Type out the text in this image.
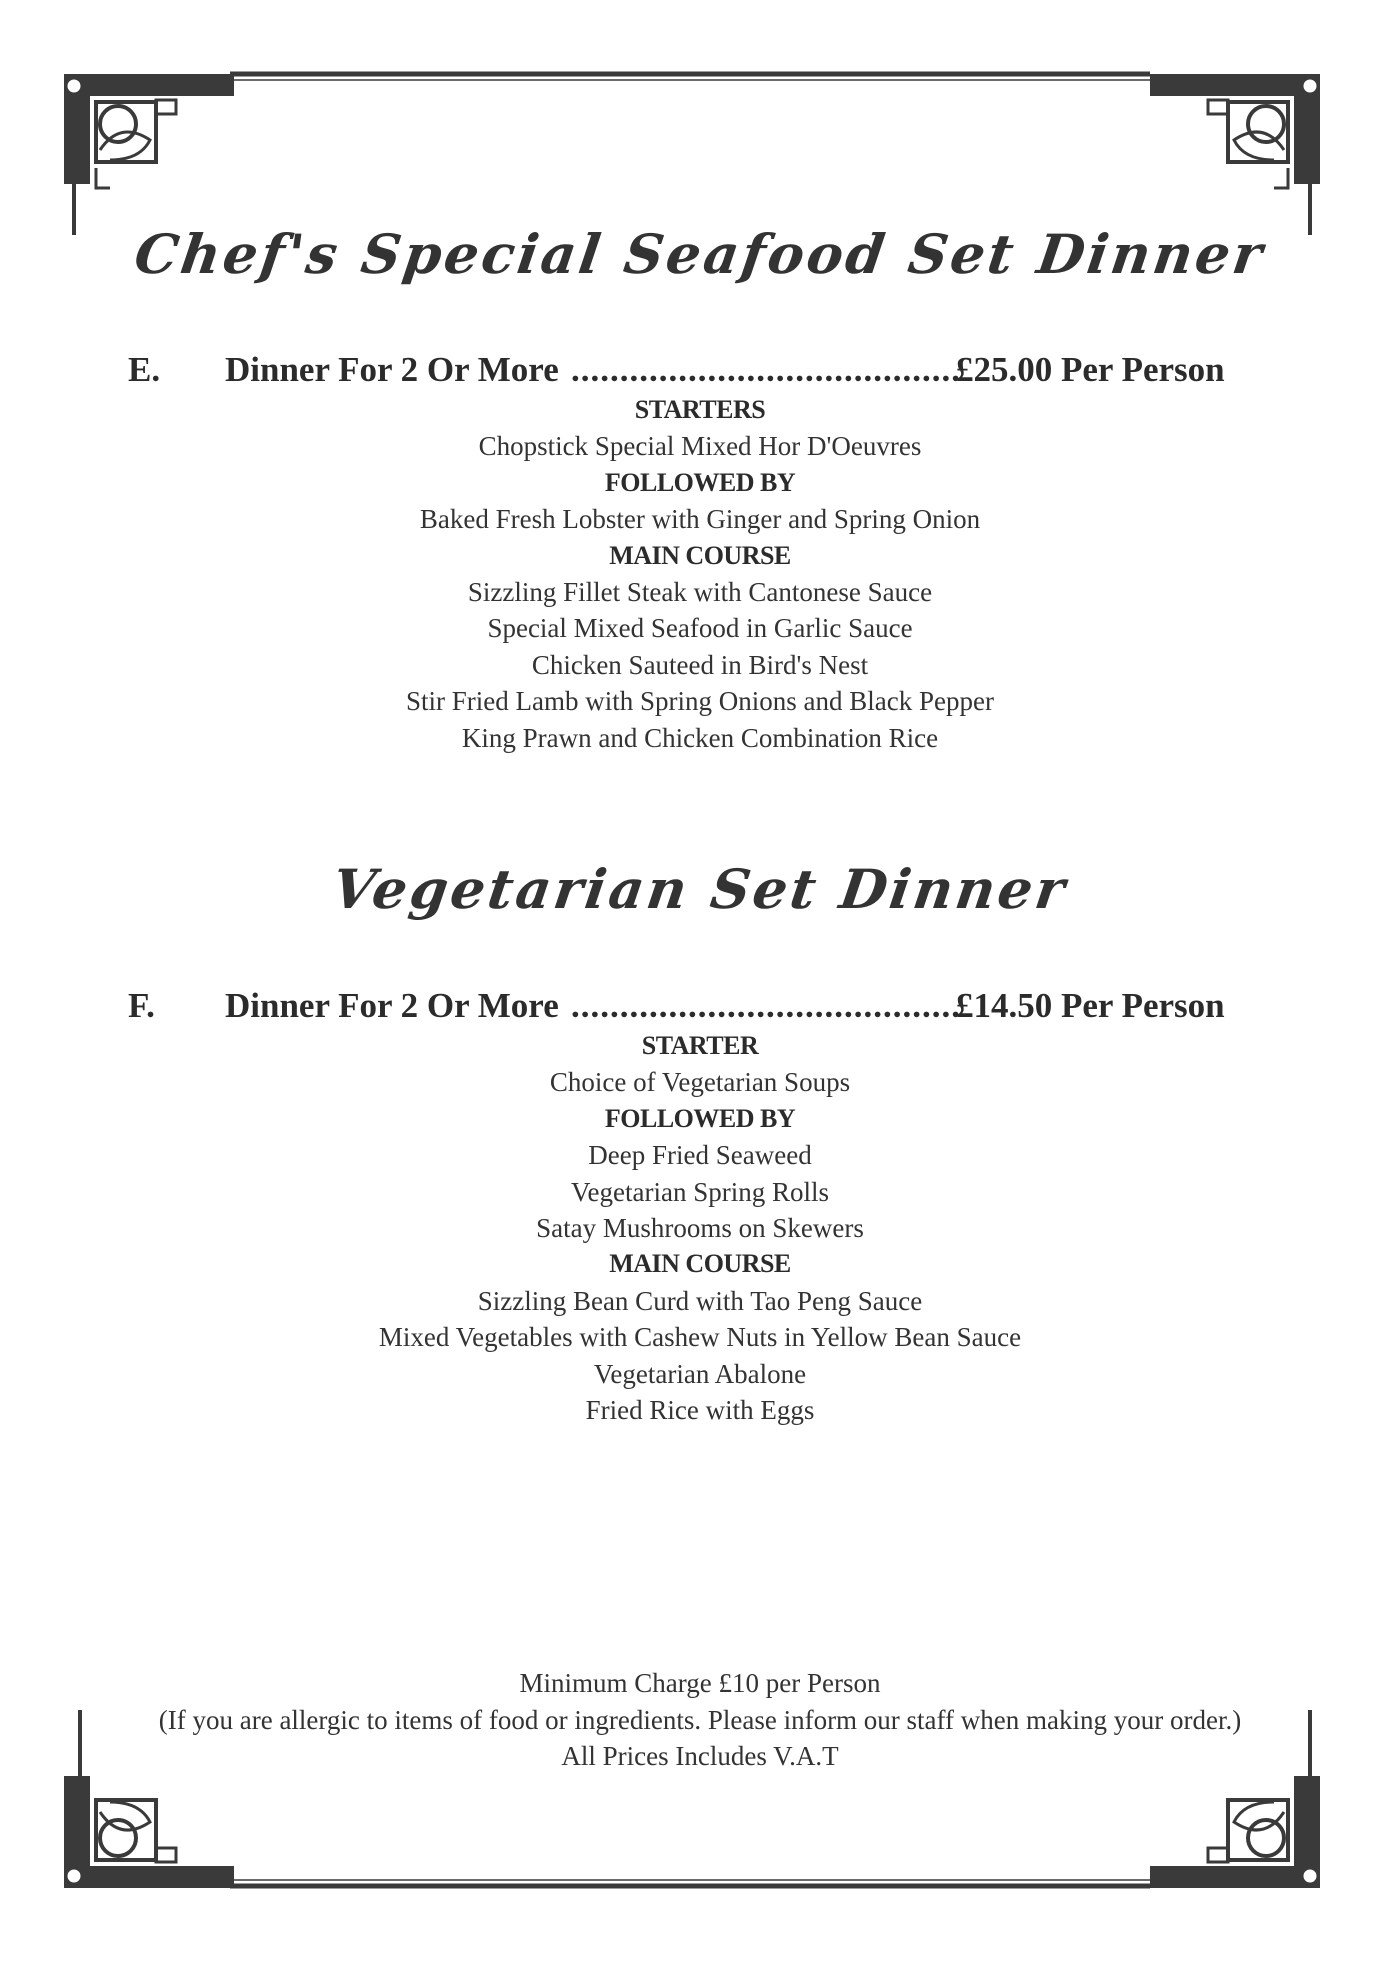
Chef's Special Seafood Set Dinner
E. Dinner For 2 Or More ........................................
£25.00 Per Person
STARTERS
Chopstick Special Mixed Hor D'Oeuvres
FOLLOWED BY
Baked Fresh Lobster with Ginger and Spring Onion
MAIN COURSE
Sizzling Fillet Steak with Cantonese Sauce
Special Mixed Seafood in Garlic Sauce
Chicken Sauteed in Bird's Nest
Stir Fried Lamb with Spring Onions and Black Pepper
King Prawn and Chicken Combination Rice
Vegetarian Set Dinner
F. Dinner For 2 Or More ........................................
£14.50 Per Person
STARTER
Choice of Vegetarian Soups
FOLLOWED BY
Deep Fried Seaweed
Vegetarian Spring Rolls
Satay Mushrooms on Skewers
MAIN COURSE
Sizzling Bean Curd with Tao Peng Sauce
Mixed Vegetables with Cashew Nuts in Yellow Bean Sauce
Vegetarian Abalone
Fried Rice with Eggs
Minimum Charge £10 per Person
(If you are allergic to items of food or ingredients. Please inform our staff when making your order.)
All Prices Includes V.A.T
